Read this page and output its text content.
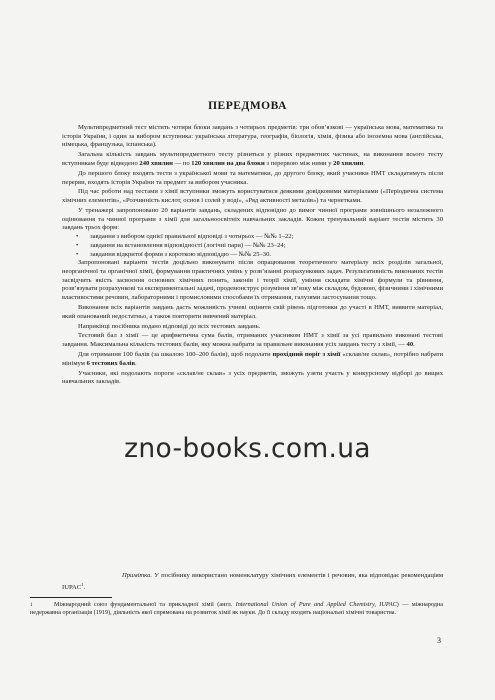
ПЕРЕДМОВА

Мультипредметний тест містить чотири блоки завдань з чотирьох предметів: три обов’язкові — українська мова, математика та історія України, і один за вибором вступника: українська література, географія, біологія, хімія, фізика або іноземна мова (англійська, німецька, французька, іспанська).

Загальна кількість завдань мультипредметного тесту різниться у різних предметних частинах, на виконання всього тесту вступникам буде відведено 240 хвилин — по 120 хвилин на два блоки з перервою між ними у 20 хвилин.

До першого блоку входять тести з української мови та математики, до другого блоку, який учасники НМТ складатимуть після перерви, входять історія України та предмет за вибором учасника.

Під час роботи над тестами з хімії вступники зможуть користуватися деякими довідковими матеріалами («Періодична система хімічних елементів», «Розчинність кислот, основ і солей у воді», «Ряд активності металів») та чернетками.

У тренажері запропоновано 20 варіантів завдань, складених відповідно до вимог чинної програми зовнішнього незалежного оцінювання та чинної програми з хімії для загальноосвітніх навчальних закладів. Кожен тренувальний варіант тестів містить 30 завдань трьох форм:

• завдання з вибором однієї правильної відповіді з чотирьох — №№ 1–22;
• завдання на встановлення відповідності (логічні пари) — №№ 23–24;
• завдання відкритої форми з короткою відповіддю — №№ 25–30.

Запропоновані варіанти тестів доцільно виконувати після опрацювання теоретичного матеріалу всіх розділів загальної, неорганічної та органічної хімії, формування практичних умінь у розв’язанні розрахункових задач. Результативність виконаних тестів засвідчить якість засвоєння основних хімічних понять, законів і теорії хімії, уміння складати хімічні формули та рівняння, розв’язувати розрахункові та експериментальні задачі, продемонструє розуміння зв’язку між складом, будовою, фізичними і хімічними властивостями речовин, лабораторними і промисловими способами їх отримання, галузями застосування тощо.

Виконання всіх варіантів завдань дасть можливість учневі оцінити свій рівень підготовки до участі в НМТ, виявити матеріал, який опанований недостатньо, а також повторити вивчений матеріал.

Наприкінці посібника подано відповіді до всіх тестових завдань.

Тестовий бал з хімії — це арифметична сума балів, отриманих учасником НМТ з хімії за усі правильно виконані тестові завдання. Максимальна кількість тестових балів, яку можна набрати за правильне виконання усіх завдань тесту з хімії, — 40.

Для отримання 100 балів (за шкалою 100–200 балів), щоб подолати прохідний поріг з хімії «склав/не склав», потрібно набрати мінімум 6 тестових балів.

Учасники, які подолають пороги «склав/не склав» з усіх предметів, зможуть узяти участь у конкурсному відборі до вищих навчальних закладів.

zno-books.com.ua
Примітка. У посібнику використано номенклатуру хімічних елементів і речовин, яка відповідає рекомендаціям IUPAC$^1$.
1	Міжнародний союз фундаментальної та прикладної хімії (англ. International Union of Pure and Applied Chemistry, IUPAC) — міжнародна недержавна організація (1919), діяльність якої спрямована на розвиток хімії як науки. До її складу входять національні хімічні товариства.
3
